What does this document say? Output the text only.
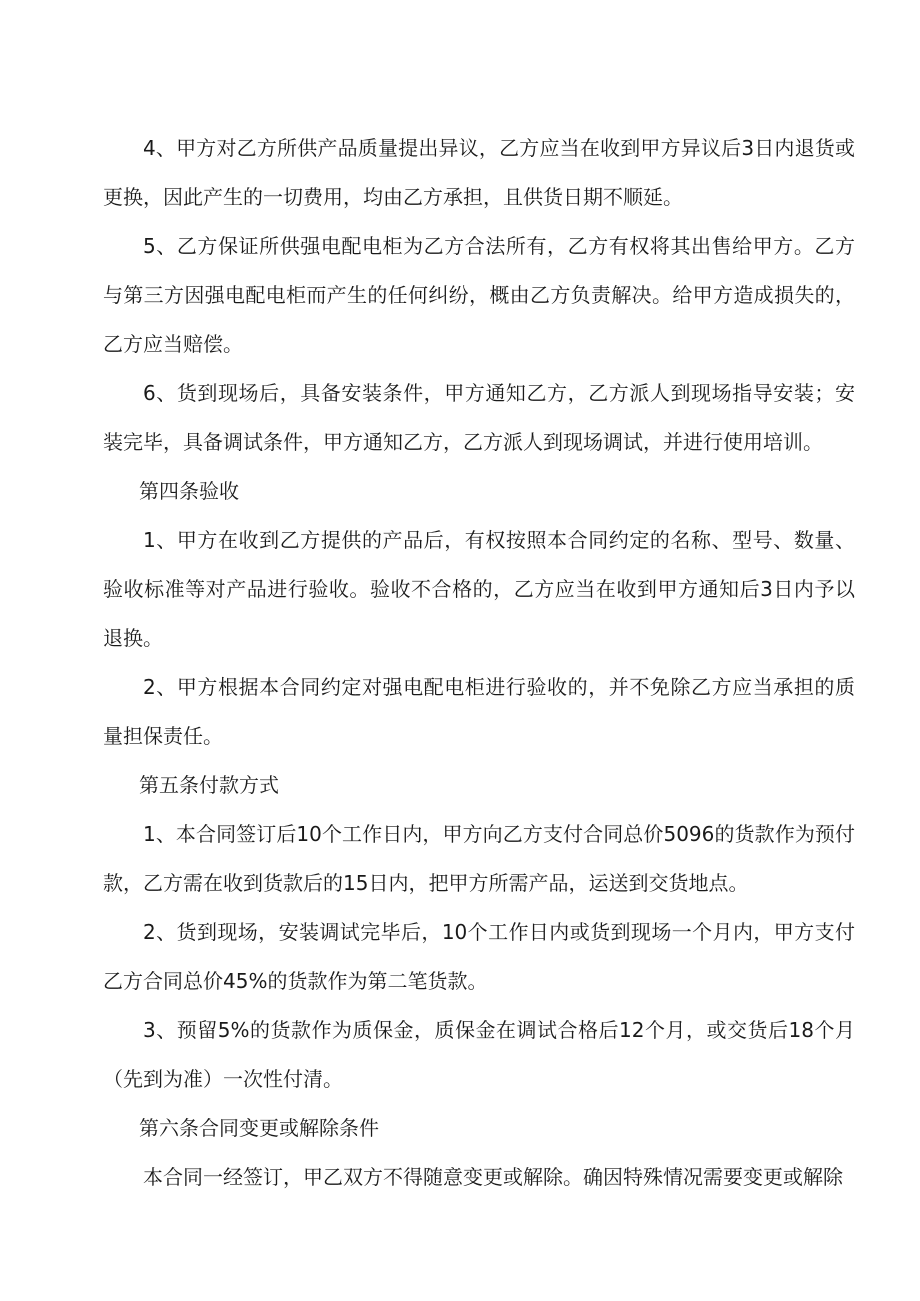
4、甲方对乙方所供产品质量提出异议，乙方应当在收到甲方异议后3日内退货或更换，因此产生的一切费用，均由乙方承担，且供货日期不顺延。

5、乙方保证所供强电配电柜为乙方合法所有，乙方有权将其出售给甲方。乙方与第三方因强电配电柜而产生的任何纠纷，概由乙方负责解决。给甲方造成损失的，乙方应当赔偿。

6、货到现场后，具备安装条件，甲方通知乙方，乙方派人到现场指导安装；安装完毕，具备调试条件，甲方通知乙方，乙方派人到现场调试，并进行使用培训。

第四条验收

1、甲方在收到乙方提供的产品后，有权按照本合同约定的名称、型号、数量、验收标准等对产品进行验收。验收不合格的，乙方应当在收到甲方通知后3日内予以退换。

2、甲方根据本合同约定对强电配电柜进行验收的，并不免除乙方应当承担的质量担保责任。

第五条付款方式

1、本合同签订后10个工作日内，甲方向乙方支付合同总价5096的货款作为预付款，乙方需在收到货款后的15日内，把甲方所需产品，运送到交货地点。

2、货到现场，安装调试完毕后，10个工作日内或货到现场一个月内，甲方支付乙方合同总价45%的货款作为第二笔货款。

3、预留5%的货款作为质保金，质保金在调试合格后12个月，或交货后18个月（先到为准）一次性付清。

第六条合同变更或解除条件

本合同一经签订，甲乙双方不得随意变更或解除。确因特殊情况需要变更或解除
